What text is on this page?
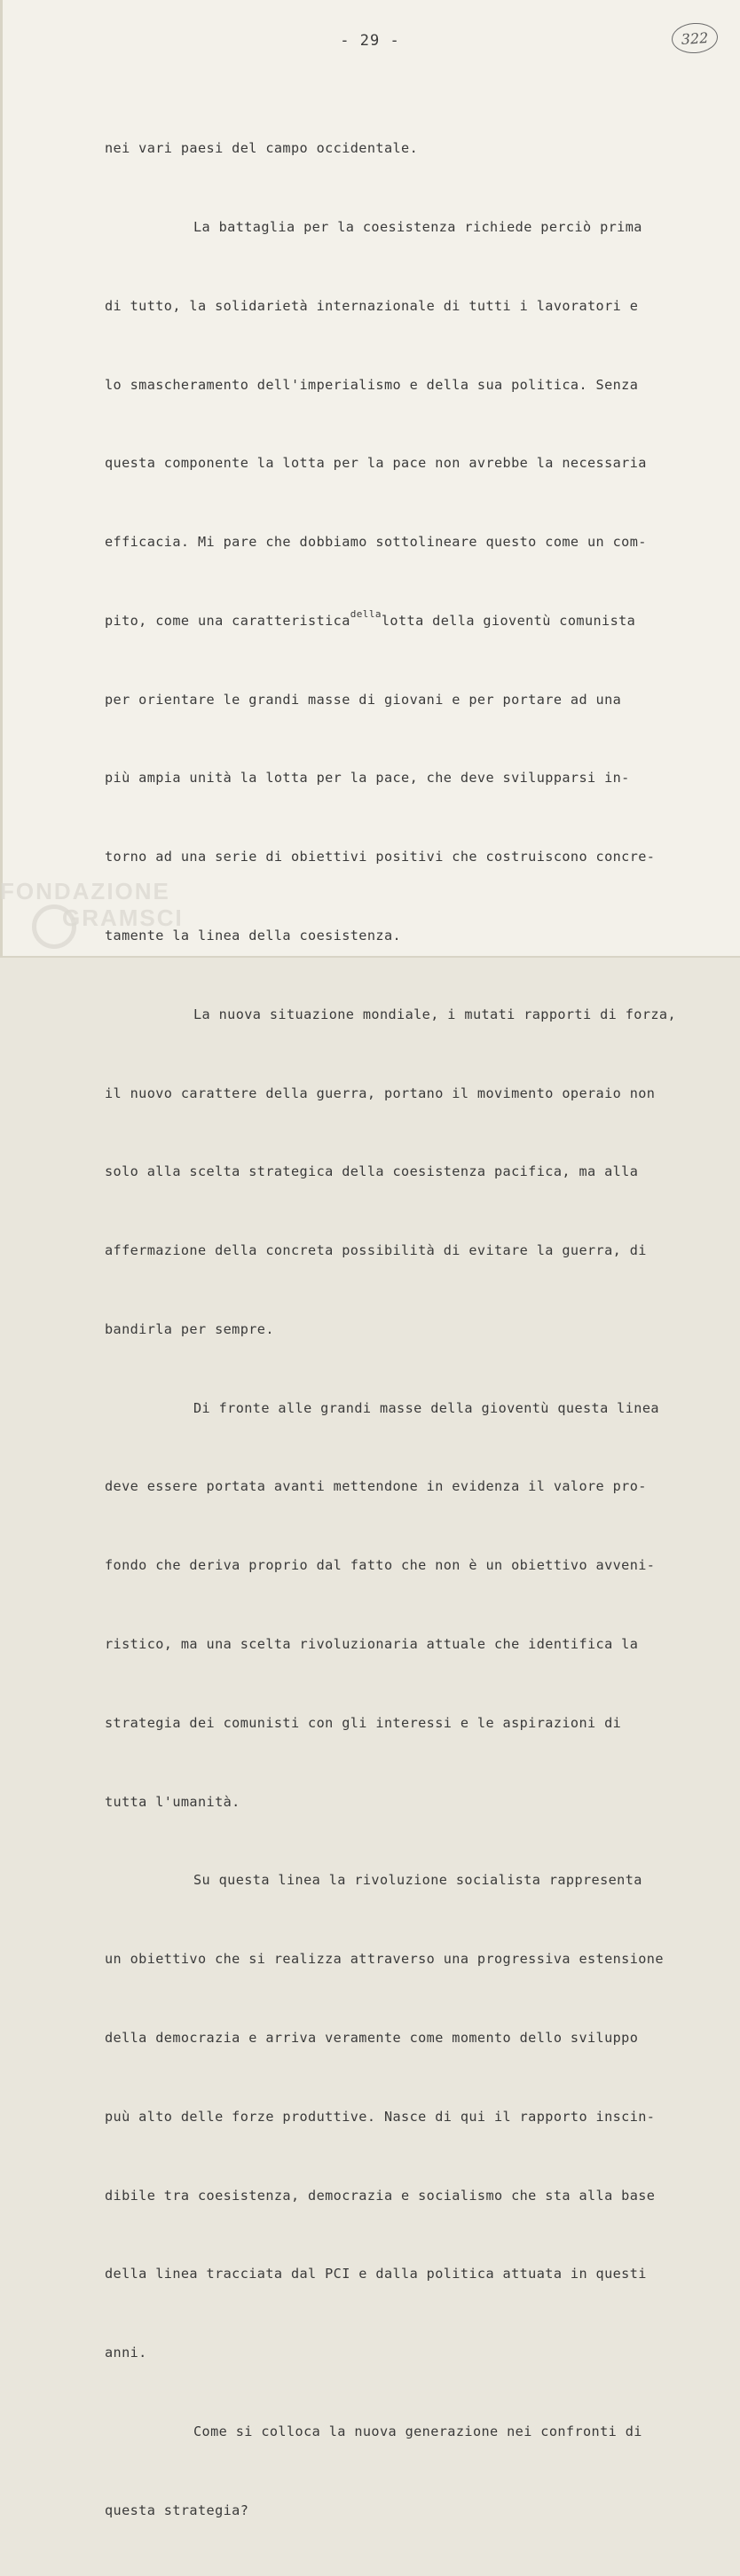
- 29 -	322

nei vari paesi del campo occidentale.

La battaglia per la coesistenza richiede perciò prima

di tutto, la solidarietà internazionale di tutti i lavoratori e

lo smascheramento dell'imperialismo e della sua politica. Senza

questa componente la lotta per la pace non avrebbe la necessaria

efficacia. Mi pare che dobbiamo sottolineare questo come un com-

pito, come una caratteristica$^{della}$lotta della gioventù comunista

per orientare le grandi masse di giovani e per portare ad una

più ampia unità la lotta per la pace, che deve svilupparsi in-

torno ad una serie di obiettivi positivi che costruiscono concre-

tamente la linea della coesistenza.

La nuova situazione mondiale, i mutati rapporti di forza,

il nuovo carattere della guerra, portano il movimento operaio non

solo alla scelta strategica della coesistenza pacifica, ma alla

affermazione della concreta possibilità di evitare la guerra, di

bandirla per sempre.

Di fronte alle grandi masse della gioventù questa linea

deve essere portata avanti mettendone in evidenza il valore pro-

fondo che deriva proprio dal fatto che non è un obiettivo avveni-

ristico, ma una scelta rivoluzionaria attuale che identifica la

strategia dei comunisti con gli interessi e le aspirazioni di

tutta l'umanità.

Su questa linea la rivoluzione socialista rappresenta

un obiettivo che si realizza attraverso una progressiva estensione

della democrazia e arriva veramente come momento dello sviluppo

puù alto delle forze produttive. Nasce di qui il rapporto inscin-

dibile tra coesistenza, democrazia e socialismo che sta alla base

della linea tracciata dal PCI e dalla politica attuata in questi

anni.

Come si colloca la nuova generazione nei confronti di

questa strategia?

FONDAZIONE
GRAMSCI
